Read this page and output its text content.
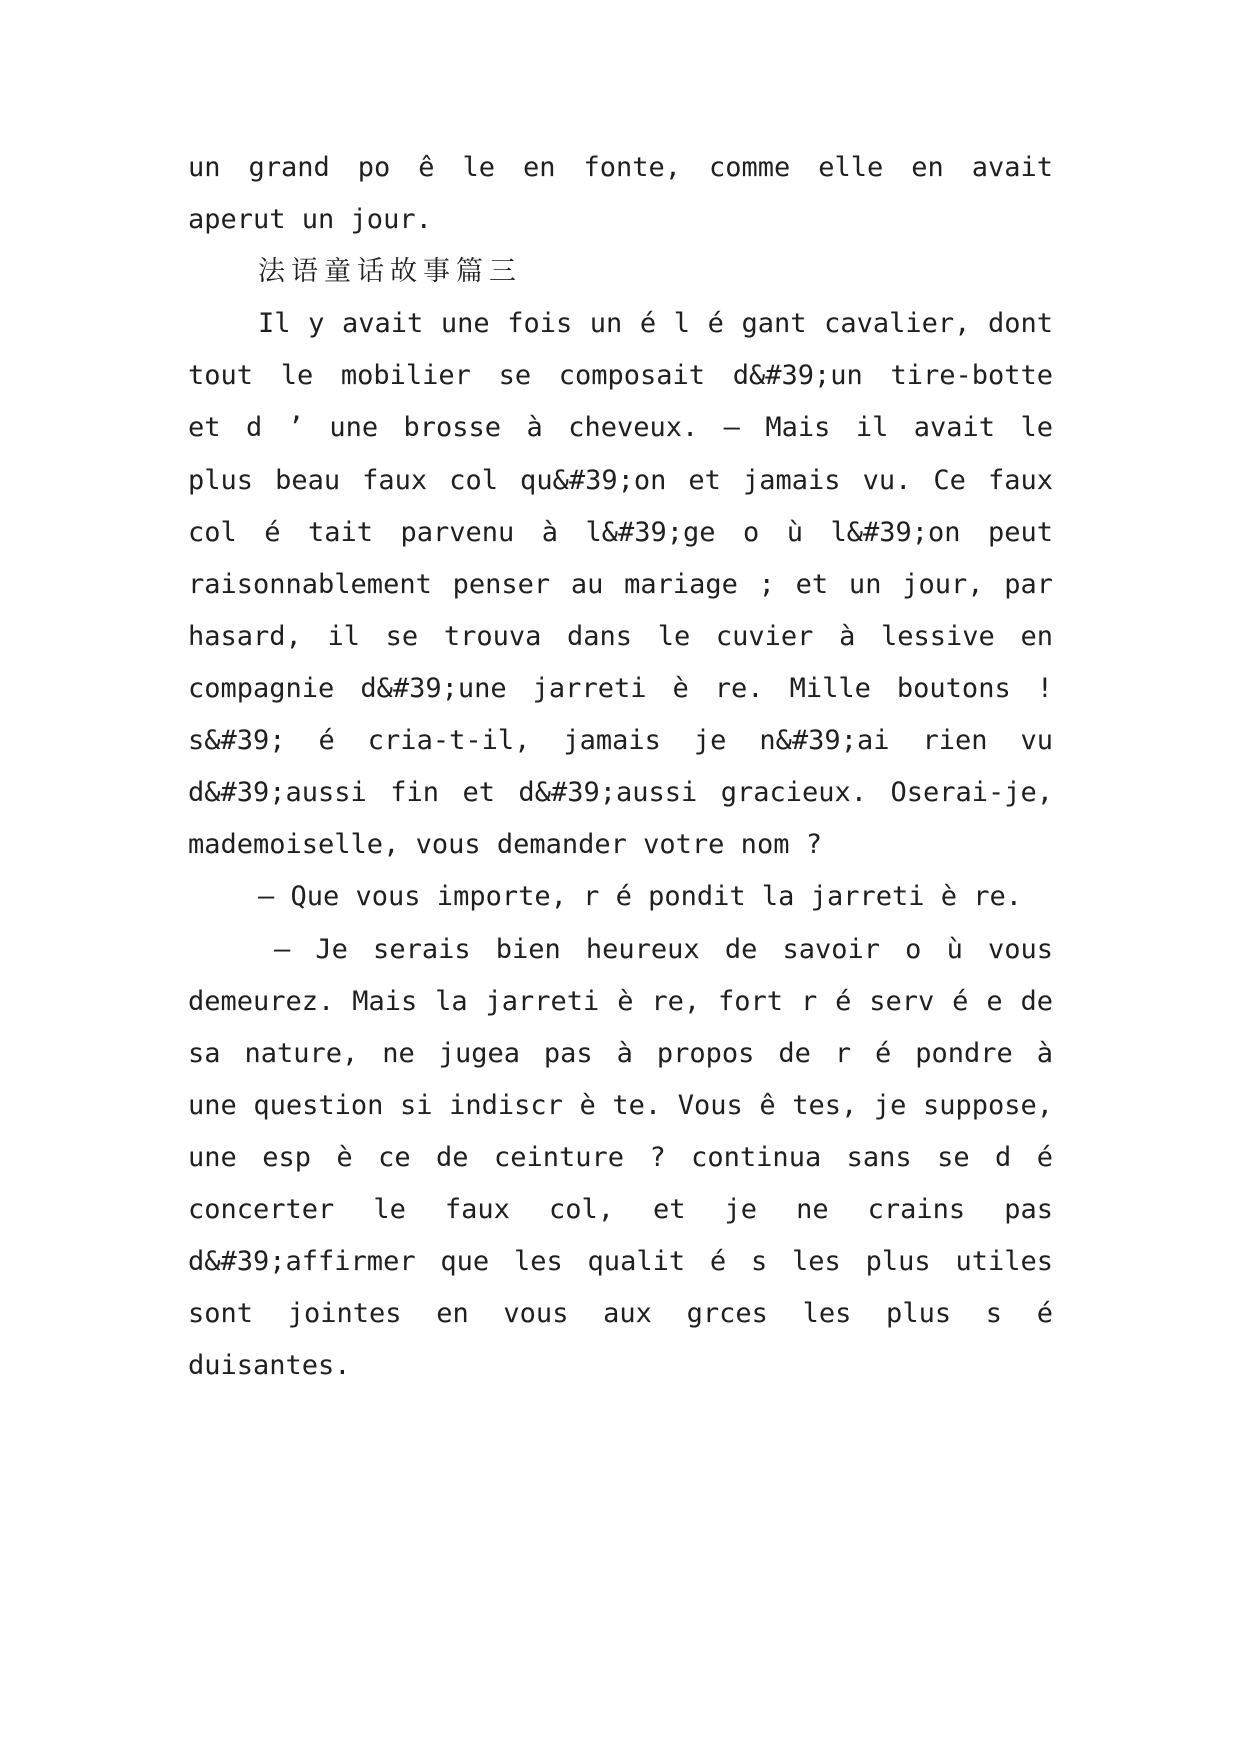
un grand po ê le en fonte, comme elle en avait
aperut un jour.
法语童话故事篇三
Il y avait une fois un é l é gant cavalier, dont
tout le mobilier se composait d&#39;un tire-botte
et d ’ une brosse à cheveux. – Mais il avait le
plus beau faux col qu&#39;on et jamais vu. Ce faux
col é tait parvenu à l&#39;ge o ù l&#39;on peut
raisonnablement penser au mariage ; et un jour, par
hasard, il se trouva dans le cuvier à lessive en
compagnie d&#39;une jarreti è re. Mille boutons !
s&#39; é cria-t-il, jamais je n&#39;ai rien vu
d&#39;aussi fin et d&#39;aussi gracieux. Oserai-je,
mademoiselle, vous demander votre nom ?
– Que vous importe, r é pondit la jarreti è re.
– Je serais bien heureux de savoir o ù vous
demeurez. Mais la jarreti è re, fort r é serv é e de
sa nature, ne jugea pas à propos de r é pondre à
une question si indiscr è te. Vous ê tes, je suppose,
une esp è ce de ceinture ? continua sans se d é
concerter le faux col, et je ne crains pas
d&#39;affirmer que les qualit é s les plus utiles
sont jointes en vous aux grces les plus s é
duisantes.
